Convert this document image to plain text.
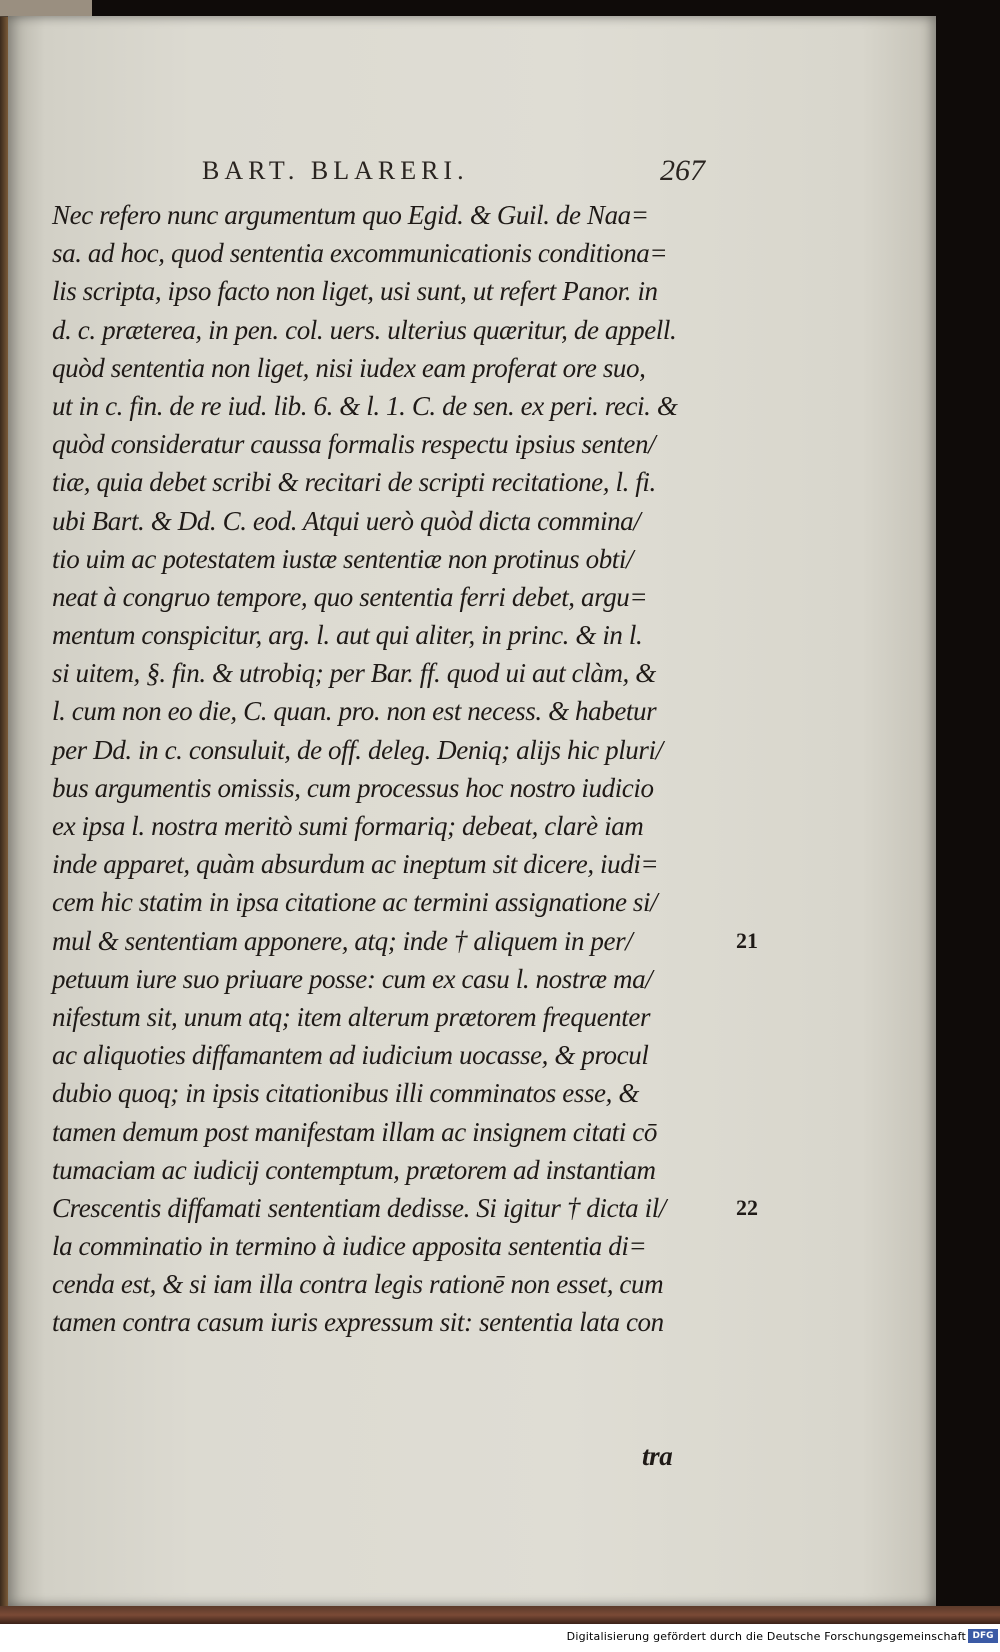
BART. BLARERI.	267
Nec refero nunc argumentum quo Egid. & Guil. de Naa=
sa. ad hoc, quod sententia excommunicationis conditiona=
lis scripta, ipso facto non liget, usi sunt, ut refert Panor. in
d. c. præterea, in pen. col. uers. ulterius quæritur, de appell.
quòd sententia non liget, nisi iudex eam proferat ore suo,
ut in c. fin. de re iud. lib. 6. & l. 1. C. de sen. ex peri. reci. &
quòd consideratur caussa formalis respectu ipsius senten/
tiæ, quia debet scribi & recitari de scripti recitatione, l. fi.
ubi Bart. & Dd. C. eod. Atqui uerò quòd dicta commina/
tio uim ac potestatem iustæ sententiæ non protinus obti/
neat à congruo tempore, quo sententia ferri debet, argu=
mentum conspicitur, arg. l. aut qui aliter, in princ. & in l.
si uitem, §. fin. & utrobiq; per Bar. ff. quod ui aut clàm, &
l. cum non eo die, C. quan. pro. non est necess. & habetur
per Dd. in c. consuluit, de off. deleg. Deniq; alijs hic pluri/
bus argumentis omissis, cum processus hoc nostro iudicio
ex ipsa l. nostra meritò sumi formariq; debeat, clarè iam
inde apparet, quàm absurdum ac ineptum sit dicere, iudi=
cem hic statim in ipsa citatione ac termini assignatione si/
mul & sententiam apponere, atq; inde † aliquem in per/
petuum iure suo priuare posse: cum ex casu l. nostræ ma/
nifestum sit, unum atq; item alterum prætorem frequenter
ac aliquoties diffamantem ad iudicium uocasse, & procul
dubio quoq; in ipsis citationibus illi comminatos esse, &
tamen demum post manifestam illam ac insignem citati cō
tumaciam ac iudicij contemptum, prætorem ad instantiam
Crescentis diffamati sententiam dedisse. Si igitur † dicta il/
la comminatio in termino à iudice apposita sententia di=
cenda est, & si iam illa contra legis rationē non esset, cum
tamen contra casum iuris expressum sit: sententia lata con
21
22
tra
Digitalisierung gefördert durch die Deutsche Forschungsgemeinschaft DFG
